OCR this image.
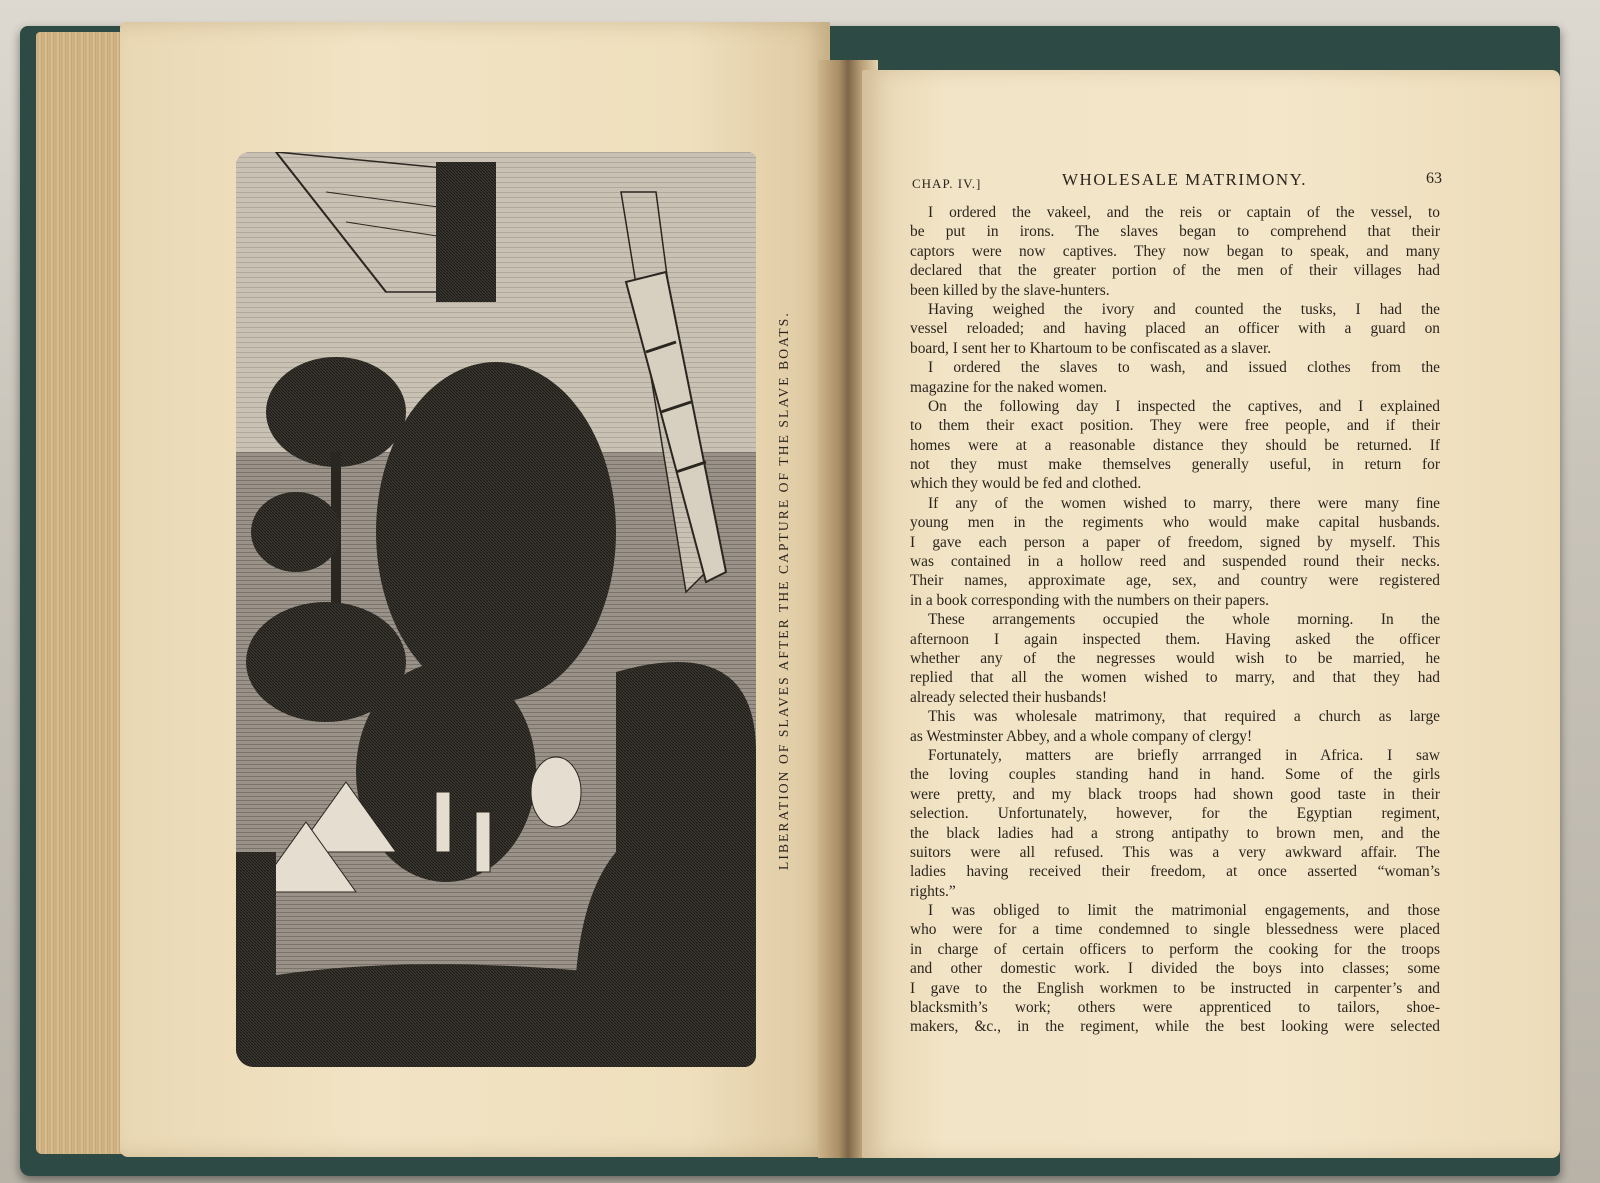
LIBERATION OF SLAVES AFTER THE CAPTURE OF THE SLAVE BOATS.
CHAP. IV.]	WHOLESALE MATRIMONY.	63
I ordered the vakeel, and the reis or captain of the vessel, to
be put in irons. The slaves began to comprehend that their
captors were now captives. They now began to speak, and many
declared that the greater portion of the men of their villages had
been killed by the slave-hunters.
Having weighed the ivory and counted the tusks, I had the
vessel reloaded; and having placed an officer with a guard on
board, I sent her to Khartoum to be confiscated as a slaver.
I ordered the slaves to wash, and issued clothes from the
magazine for the naked women.
On the following day I inspected the captives, and I explained
to them their exact position. They were free people, and if their
homes were at a reasonable distance they should be returned. If
not they must make themselves generally useful, in return for
which they would be fed and clothed.
If any of the women wished to marry, there were many fine
young men in the regiments who would make capital husbands.
I gave each person a paper of freedom, signed by myself. This
was contained in a hollow reed and suspended round their necks.
Their names, approximate age, sex, and country were registered
in a book corresponding with the numbers on their papers.
These arrangements occupied the whole morning. In the
afternoon I again inspected them. Having asked the officer
whether any of the negresses would wish to be married, he
replied that all the women wished to marry, and that they had
already selected their husbands!
This was wholesale matrimony, that required a church as large
as Westminster Abbey, and a whole company of clergy!
Fortunately, matters are briefly arrranged in Africa. I saw
the loving couples standing hand in hand. Some of the girls
were pretty, and my black troops had shown good taste in their
selection. Unfortunately, however, for the Egyptian regiment,
the black ladies had a strong antipathy to brown men, and the
suitors were all refused. This was a very awkward affair. The
ladies having received their freedom, at once asserted “woman’s
rights.”
I was obliged to limit the matrimonial engagements, and those
who were for a time condemned to single blessedness were placed
in charge of certain officers to perform the cooking for the troops
and other domestic work. I divided the boys into classes; some
I gave to the English workmen to be instructed in carpenter’s and
blacksmith’s work; others were apprenticed to tailors, shoe-
makers, &c., in the regiment, while the best looking were selected
